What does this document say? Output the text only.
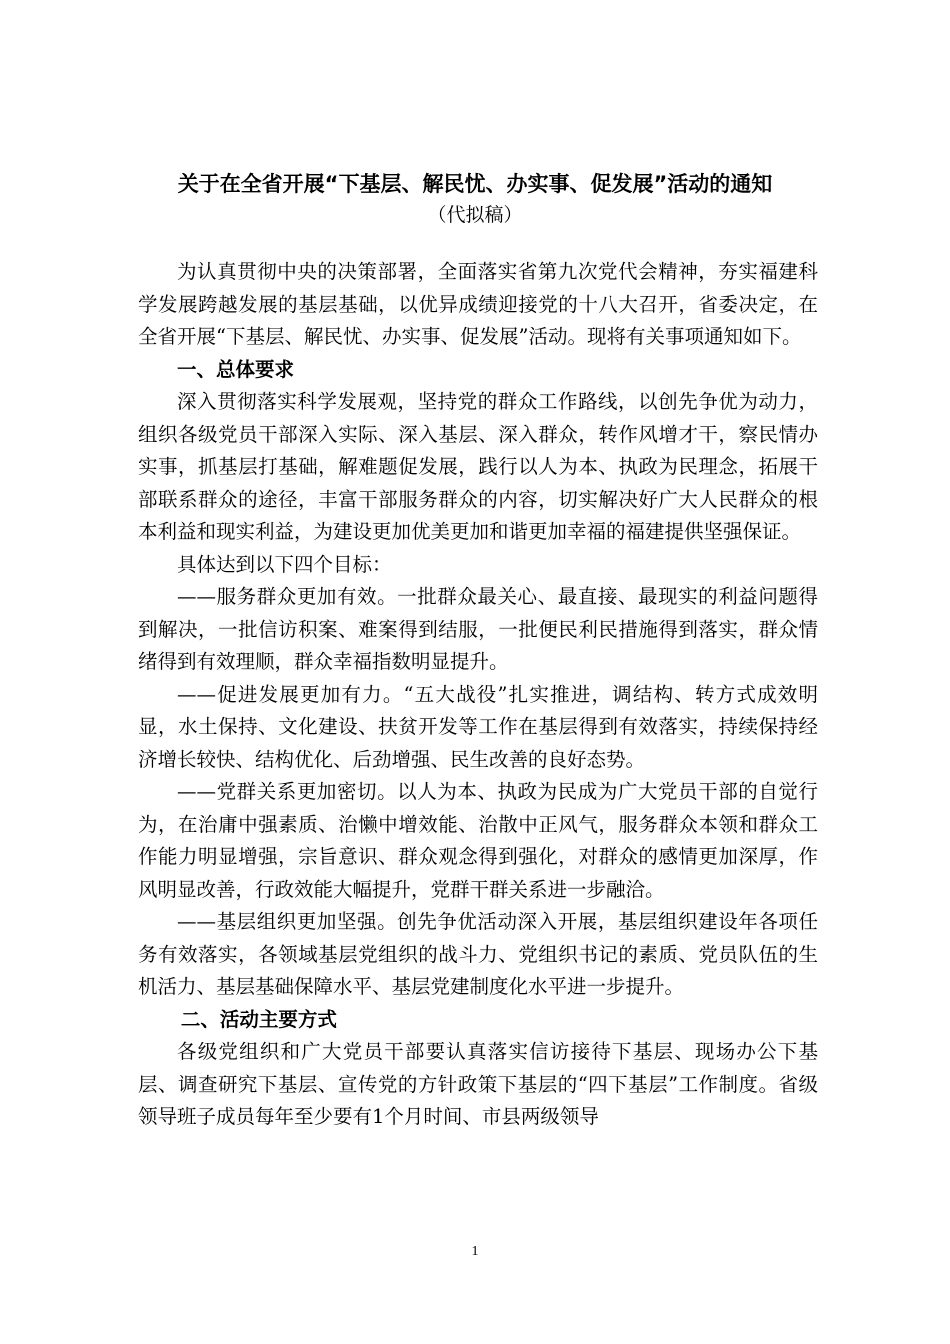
关于在全省开展“下基层、解民忧、办实事、促发展”活动的通知
（代拟稿）

为认真贯彻中央的决策部署，全面落实省第九次党代会精神，夯实福建科学发展跨越发展的基层基础，以优异成绩迎接党的十八大召开，省委决定，在全省开展“下基层、解民忧、办实事、促发展”活动。现将有关事项通知如下。

一、总体要求

深入贯彻落实科学发展观，坚持党的群众工作路线，以创先争优为动力，组织各级党员干部深入实际、深入基层、深入群众，转作风增才干，察民情办实事，抓基层打基础，解难题促发展，践行以人为本、执政为民理念，拓展干部联系群众的途径，丰富干部服务群众的内容，切实解决好广大人民群众的根本利益和现实利益，为建设更加优美更加和谐更加幸福的福建提供坚强保证。

具体达到以下四个目标：

——服务群众更加有效。一批群众最关心、最直接、最现实的利益问题得到解决，一批信访积案、难案得到结服，一批便民利民措施得到落实，群众情绪得到有效理顺，群众幸福指数明显提升。

——促进发展更加有力。“五大战役”扎实推进，调结构、转方式成效明显，水土保持、文化建设、扶贫开发等工作在基层得到有效落实，持续保持经济增长较快、结构优化、后劲增强、民生改善的良好态势。

——党群关系更加密切。以人为本、执政为民成为广大党员干部的自觉行为，在治庸中强素质、治懒中增效能、治散中正风气，服务群众本领和群众工作能力明显增强，宗旨意识、群众观念得到强化，对群众的感情更加深厚，作风明显改善，行政效能大幅提升，党群干群关系进一步融洽。

——基层组织更加坚强。创先争优活动深入开展，基层组织建设年各项任务有效落实，各领域基层党组织的战斗力、党组织书记的素质、党员队伍的生机活力、基层基础保障水平、基层党建制度化水平进一步提升。

二、活动主要方式

各级党组织和广大党员干部要认真落实信访接待下基层、现场办公下基层、调查研究下基层、宣传党的方针政策下基层的“四下基层”工作制度。省级领导班子成员每年至少要有1个月时间、市县两级领导

1
